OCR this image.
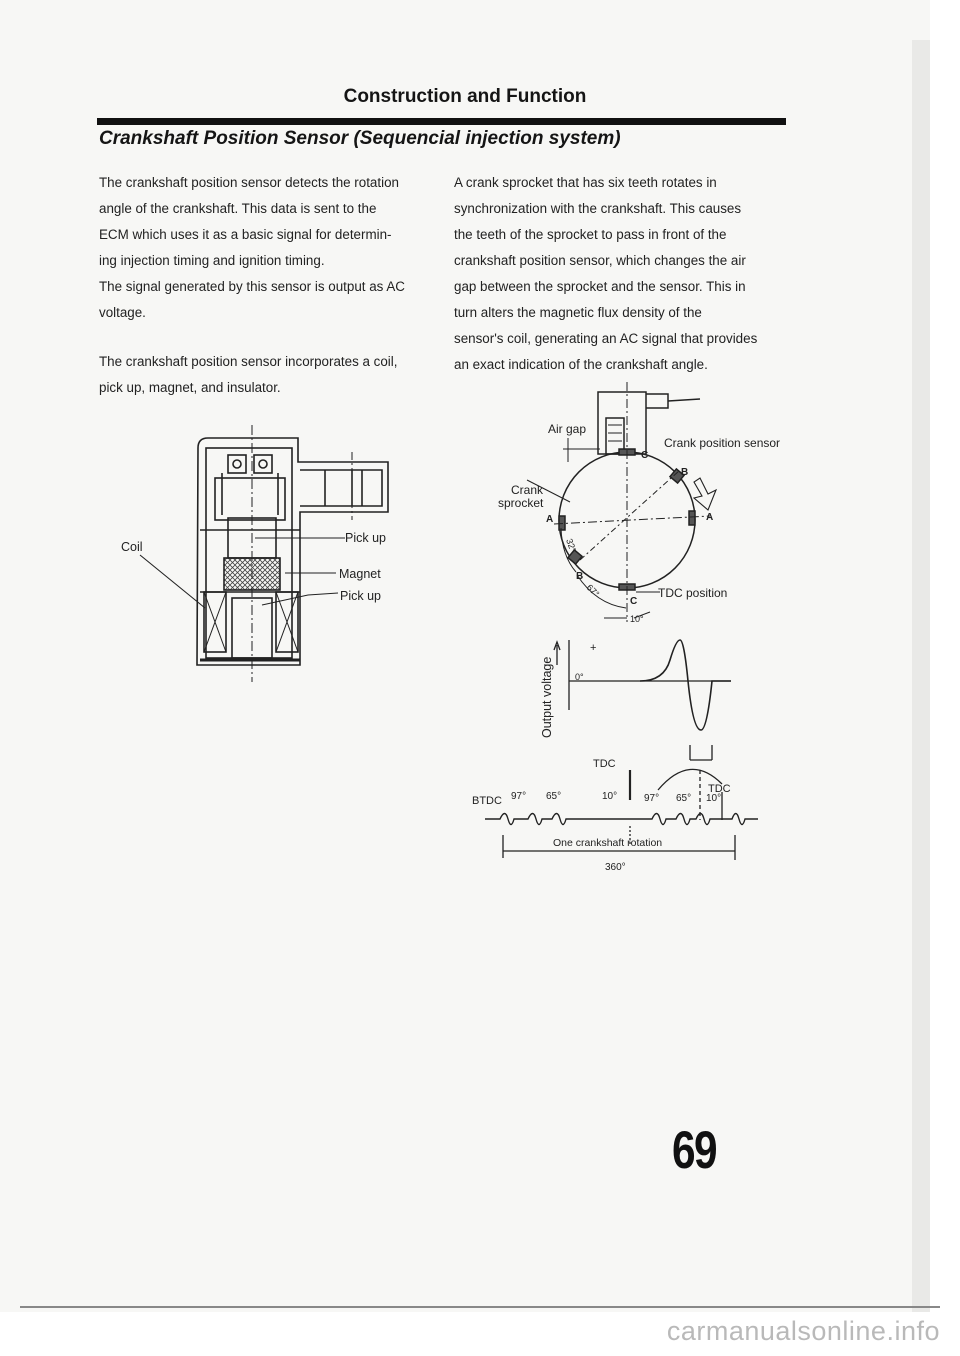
Construction and Function
Crankshaft Position Sensor (Sequencial injection system)

The crankshaft position sensor detects the rotation

angle of the crankshaft. This data is sent to the

ECM which uses it as a basic signal for determin-

ing injection timing and ignition timing.

The signal generated by this sensor is output as AC

voltage.

The crankshaft position sensor incorporates a coil,

pick up, magnet, and insulator.

A crank sprocket that has six teeth rotates in

synchronization with the crankshaft. This causes

the teeth of the sprocket to pass in front of the

crankshaft position sensor, which changes the air

gap between the sprocket and the sensor. This in

turn alters the magnetic flux density of the

sensor's coil, generating an AC signal that provides

an exact indication of the crankshaft angle.

Coil
Pick up
Magnet
Pick up
Air gap
Crank position sensor
Crank
sprocket
C
B
A	A
B
C
32°
67°
10°
TDC position
Output voltage
+
0°
TDC
BTDC 97° 65°	10°	97° 65° 10°
TDC
One crankshaft rotation
360°
69
carmanualsonline.info
